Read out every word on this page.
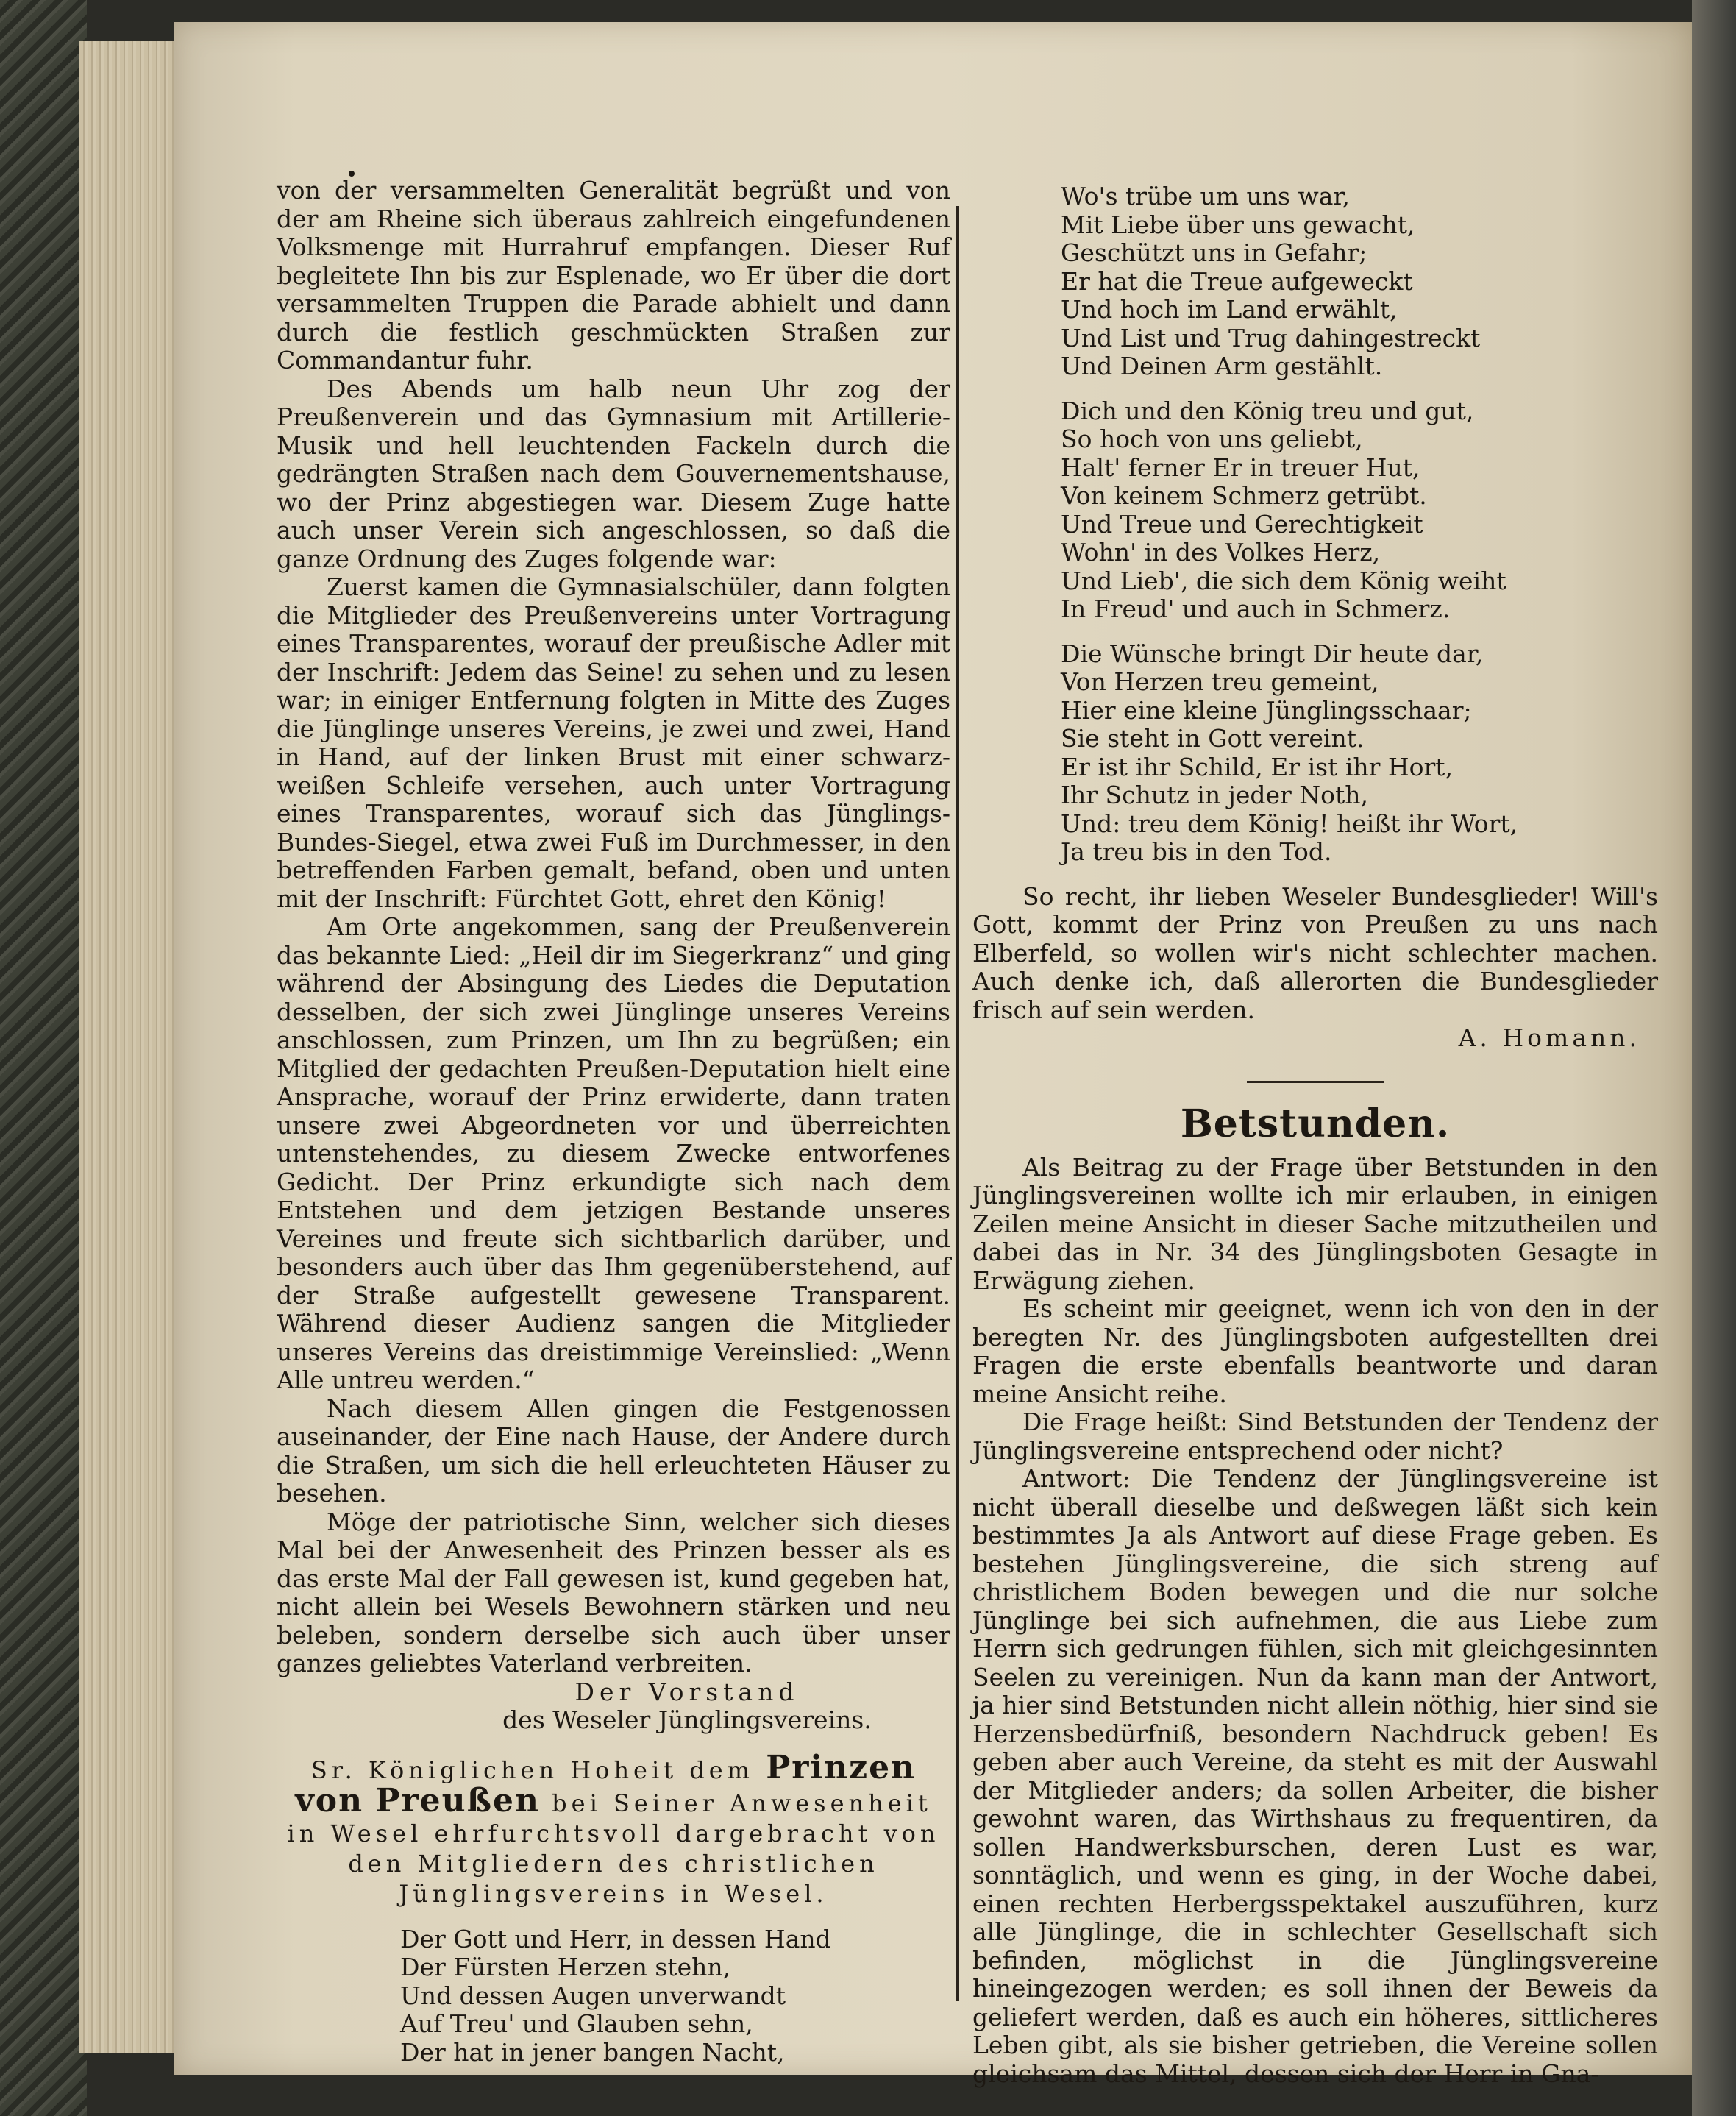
von der versammelten Generalität begrüßt und von der am Rheine sich überaus zahlreich eingefundenen Volksmenge mit Hurrahruf empfangen. Dieser Ruf begleitete Ihn bis zur Esplenade, wo Er über die dort versammelten Truppen die Parade abhielt und dann durch die festlich geschmückten Straßen zur Commandantur fuhr.

Des Abends um halb neun Uhr zog der Preußenverein und das Gymnasium mit Artillerie-Musik und hell leuchtenden Fackeln durch die gedrängten Straßen nach dem Gouvernementshause, wo der Prinz abgestiegen war. Diesem Zuge hatte auch unser Verein sich angeschlossen, so daß die ganze Ordnung des Zuges folgende war:

Zuerst kamen die Gymnasialschüler, dann folgten die Mitglieder des Preußenvereins unter Vortragung eines Transparentes, worauf der preußische Adler mit der Inschrift: Jedem das Seine! zu sehen und zu lesen war; in einiger Entfernung folgten in Mitte des Zuges die Jünglinge unseres Vereins, je zwei und zwei, Hand in Hand, auf der linken Brust mit einer schwarz-weißen Schleife versehen, auch unter Vortragung eines Transparentes, worauf sich das Jünglings-Bundes-Siegel, etwa zwei Fuß im Durchmesser, in den betreffenden Farben gemalt, befand, oben und unten mit der Inschrift: Fürchtet Gott, ehret den König!

Am Orte angekommen, sang der Preußenverein das bekannte Lied: „Heil dir im Siegerkranz“ und ging während der Absingung des Liedes die Deputation desselben, der sich zwei Jünglinge unseres Vereins anschlossen, zum Prinzen, um Ihn zu begrüßen; ein Mitglied der gedachten Preußen-Deputation hielt eine Ansprache, worauf der Prinz erwiderte, dann traten unsere zwei Abgeordneten vor und überreichten untenstehendes, zu diesem Zwecke entworfenes Gedicht. Der Prinz erkundigte sich nach dem Entstehen und dem jetzigen Bestande unseres Vereines und freute sich sichtbarlich darüber, und besonders auch über das Ihm gegenüberstehend, auf der Straße aufgestellt gewesene Transparent. Während dieser Audienz sangen die Mitglieder unseres Vereins das dreistimmige Vereinslied: „Wenn Alle untreu werden.“

Nach diesem Allen gingen die Festgenossen auseinander, der Eine nach Hause, der Andere durch die Straßen, um sich die hell erleuchteten Häuser zu besehen.

Möge der patriotische Sinn, welcher sich dieses Mal bei der Anwesenheit des Prinzen besser als es das erste Mal der Fall gewesen ist, kund gegeben hat, nicht allein bei Wesels Bewohnern stärken und neu beleben, sondern derselbe sich auch über unser ganzes geliebtes Vaterland verbreiten.

Der Vorstand

des Weseler Jünglingsvereins.

Sr. Königlichen Hoheit dem Prinzen von Preußen bei Seiner Anwesenheit in Wesel ehrfurchtsvoll dargebracht von den Mitgliedern des christlichen Jünglingsvereins in Wesel.

Der Gott und Herr, in dessen Hand

Der Fürsten Herzen stehn,

Und dessen Augen unverwandt

Auf Treu' und Glauben sehn,

Der hat in jener bangen Nacht,

Wo's trübe um uns war,

Mit Liebe über uns gewacht,

Geschützt uns in Gefahr;

Er hat die Treue aufgeweckt

Und hoch im Land erwählt,

Und List und Trug dahingestreckt

Und Deinen Arm gestählt.

Dich und den König treu und gut,

So hoch von uns geliebt,

Halt' ferner Er in treuer Hut,

Von keinem Schmerz getrübt.

Und Treue und Gerechtigkeit

Wohn' in des Volkes Herz,

Und Lieb', die sich dem König weiht

In Freud' und auch in Schmerz.

Die Wünsche bringt Dir heute dar,

Von Herzen treu gemeint,

Hier eine kleine Jünglingsschaar;

Sie steht in Gott vereint.

Er ist ihr Schild, Er ist ihr Hort,

Ihr Schutz in jeder Noth,

Und: treu dem König! heißt ihr Wort,

Ja treu bis in den Tod.

So recht, ihr lieben Weseler Bundesglieder! Will's Gott, kommt der Prinz von Preußen zu uns nach Elberfeld, so wollen wir's nicht schlechter machen. Auch denke ich, daß allerorten die Bundesglieder frisch auf sein werden.

A. Homann.

Betstunden.

Als Beitrag zu der Frage über Betstunden in den Jünglingsvereinen wollte ich mir erlauben, in einigen Zeilen meine Ansicht in dieser Sache mitzutheilen und dabei das in Nr. 34 des Jünglingsboten Gesagte in Erwägung ziehen.

Es scheint mir geeignet, wenn ich von den in der beregten Nr. des Jünglingsboten aufgestellten drei Fragen die erste ebenfalls beantworte und daran meine Ansicht reihe.

Die Frage heißt: Sind Betstunden der Tendenz der Jünglingsvereine entsprechend oder nicht?

Antwort: Die Tendenz der Jünglingsvereine ist nicht überall dieselbe und deßwegen läßt sich kein bestimmtes Ja als Antwort auf diese Frage geben. Es bestehen Jünglingsvereine, die sich streng auf christlichem Boden bewegen und die nur solche Jünglinge bei sich aufnehmen, die aus Liebe zum Herrn sich gedrungen fühlen, sich mit gleichgesinnten Seelen zu vereinigen. Nun da kann man der Antwort, ja hier sind Betstunden nicht allein nöthig, hier sind sie Herzensbedürfniß, besondern Nachdruck geben! Es geben aber auch Vereine, da steht es mit der Auswahl der Mitglieder anders; da sollen Arbeiter, die bisher gewohnt waren, das Wirthshaus zu frequentiren, da sollen Handwerksburschen, deren Lust es war, sonntäglich, und wenn es ging, in der Woche dabei, einen rechten Herbergsspektakel auszuführen, kurz alle Jünglinge, die in schlechter Gesellschaft sich befinden, möglichst in die Jünglingsvereine hineingezogen werden; es soll ihnen der Beweis da geliefert werden, daß es auch ein höheres, sittlicheres Leben gibt, als sie bisher getrieben, die Vereine sollen gleichsam das Mittel, dessen sich der Herr in Gna-
